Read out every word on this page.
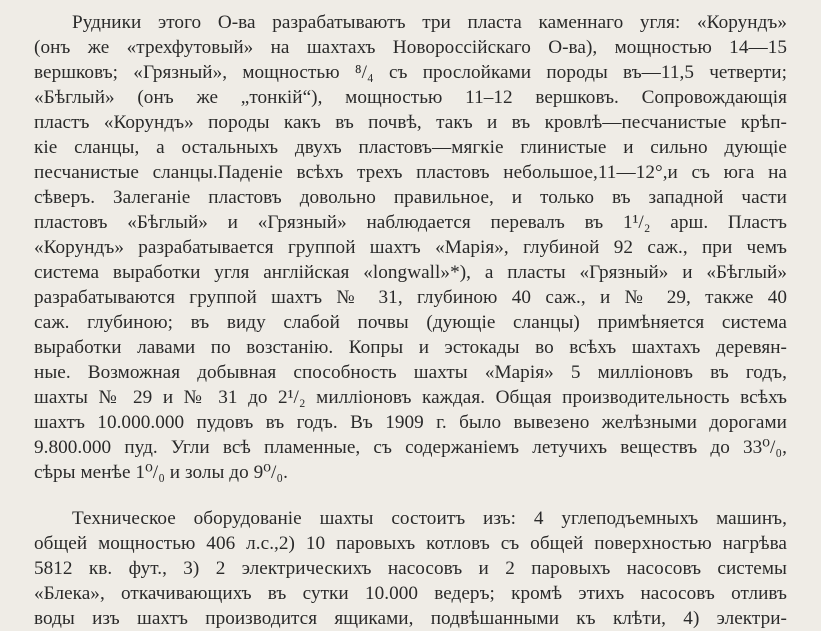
Рудники этого О-ва разрабатываютъ три пласта каменнаго угля: «Корундъ»
(онъ же «трехфутовый» на шахтахъ Новороссійскаго О-ва), мощностью 14—15
вершковъ; «Грязный», мощностью ⁸/₄ съ прослойками породы въ—11,5 четверти;
«Бѣглый» (онъ же „тонкій“), мощностью 11–12 вершковъ. Сопровождающія
пластъ «Корундъ» породы какъ въ почвѣ, такъ и въ кровлѣ—песчанистые крѣп-
кіе сланцы, а остальныхъ двухъ пластовъ—мягкіе глинистые и сильно дующіе
песчанистые сланцы.Паденіе всѣхъ трехъ пластовъ небольшое,11—12°,и съ юга на
сѣверъ. Залеганіе пластовъ довольно правильное, и только въ западной части
пластовъ «Бѣглый» и «Грязный» наблюдается перевалъ въ 1¹/₂ арш. Пластъ
«Корундъ» разрабатывается группой шахтъ «Марія», глубиной 92 саж., при чемъ
система выработки угля англійская «longwall»*), а пласты «Грязный» и «Бѣглый»
разрабатываются группой шахтъ № 31, глубиною 40 саж., и № 29, также 40
саж. глубиною; въ виду слабой почвы (дующіе сланцы) примѣняется система
выработки лавами по возстанію. Копры и эстокады во всѣхъ шахтахъ деревян-
ные. Возможная добывная способность шахты «Марія» 5 милліоновъ въ годъ,
шахты № 29 и № 31 до 2¹/₂ милліоновъ каждая. Общая производительность всѣхъ
шахтъ 10.000.000 пудовъ въ годъ. Въ 1909 г. было вывезено желѣзными дорогами
9.800.000 пуд. Угли всѣ пламенные, съ содержаніемъ летучихъ веществъ до 33⁰/₀,
сѣры менѣе 1⁰/₀ и золы до 9⁰/₀.
Техническое оборудованіе шахты состоитъ изъ: 4 углеподъемныхъ машинъ,
общей мощностью 406 л.с.,2) 10 паровыхъ котловъ съ общей поверхностью нагрѣва
5812 кв. фут., 3) 2 электрическихъ насосовъ и 2 паровыхъ насосовъ системы
«Блека», откачивающихъ въ сутки 10.000 ведеръ; кромѣ этихъ насосовъ отливъ
воды изъ шахтъ производится ящиками, подвѣшанными къ клѣти, 4) электри-
